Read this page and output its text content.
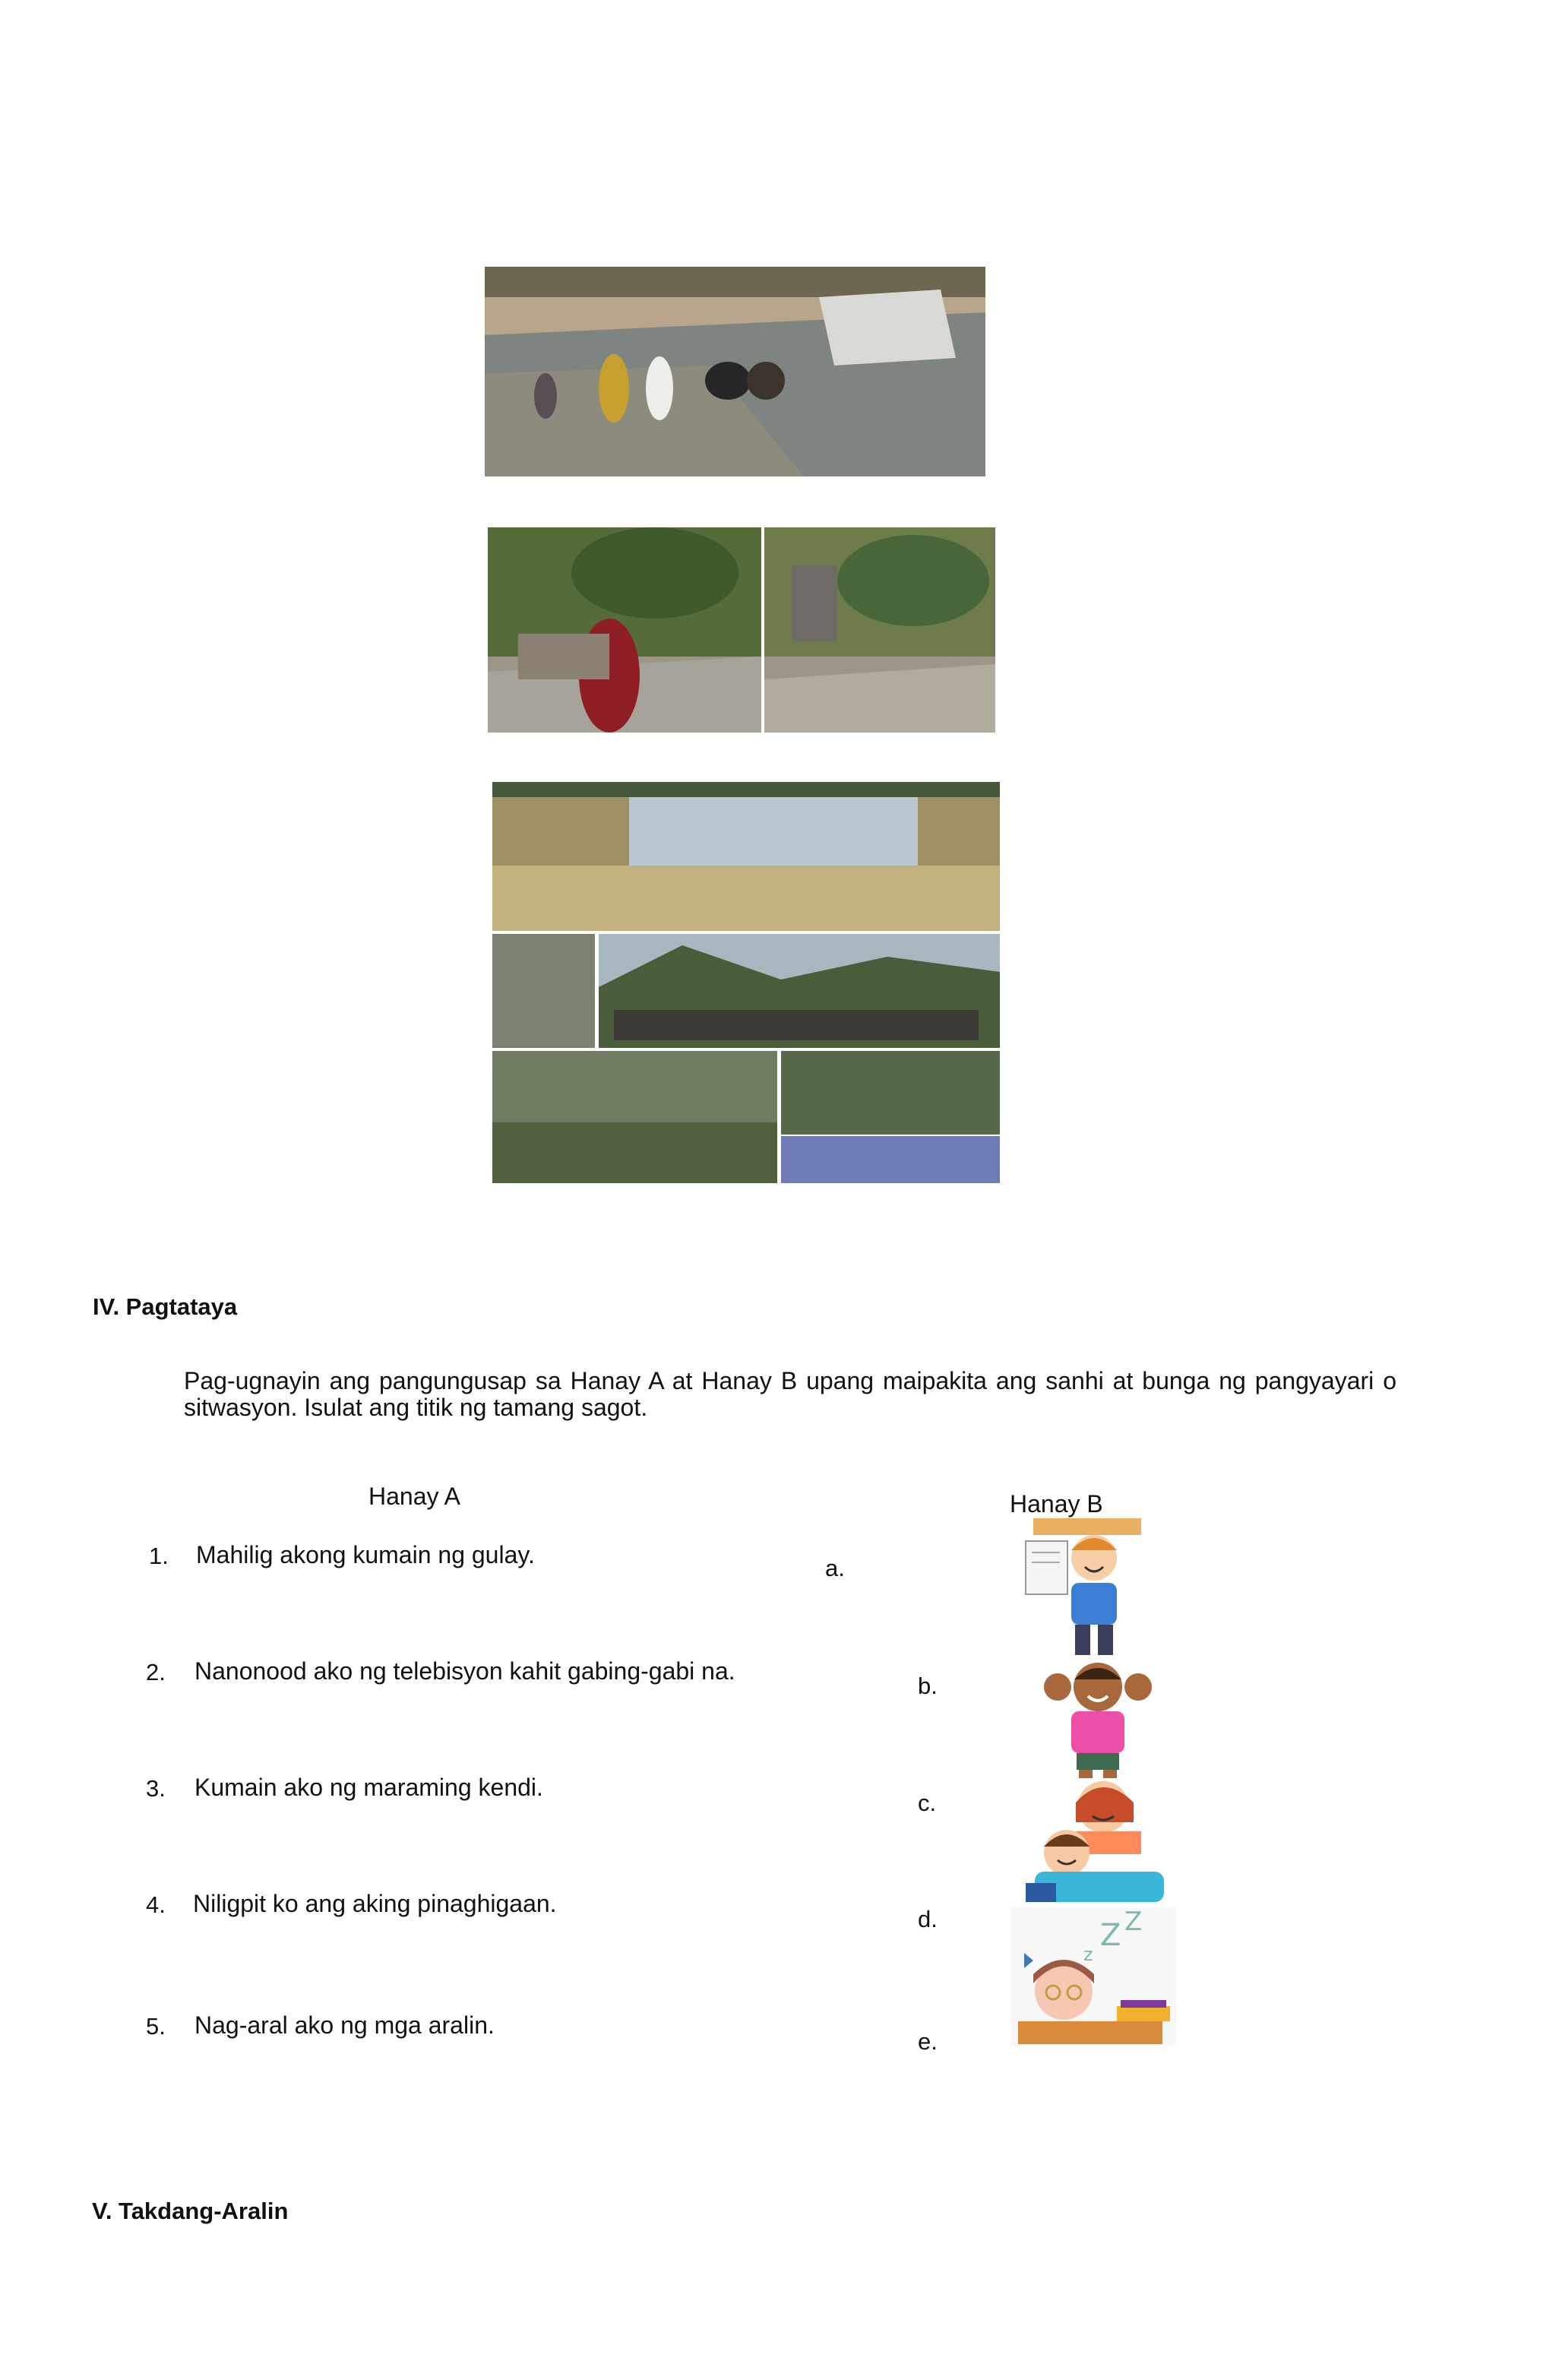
IV. Pagtataya
Pag-ugnayin ang pangungusap sa Hanay A at Hanay B upang maipakita ang sanhi at bunga ng pangyayari o sitwasyon. Isulat ang titik ng tamang sagot.
Hanay A	Hanay B
1. Mahilig akong kumain ng gulay.
2. Nanonood ako ng telebisyon kahit gabing-gabi na.
3. Kumain ako ng maraming kendi.
4. Niligpit ko ang aking pinaghigaan.
5. Nag-aral ako ng mga aralin.
a.
b.
c.
d.
e.
Z Z
z
V. Takdang-Aralin
